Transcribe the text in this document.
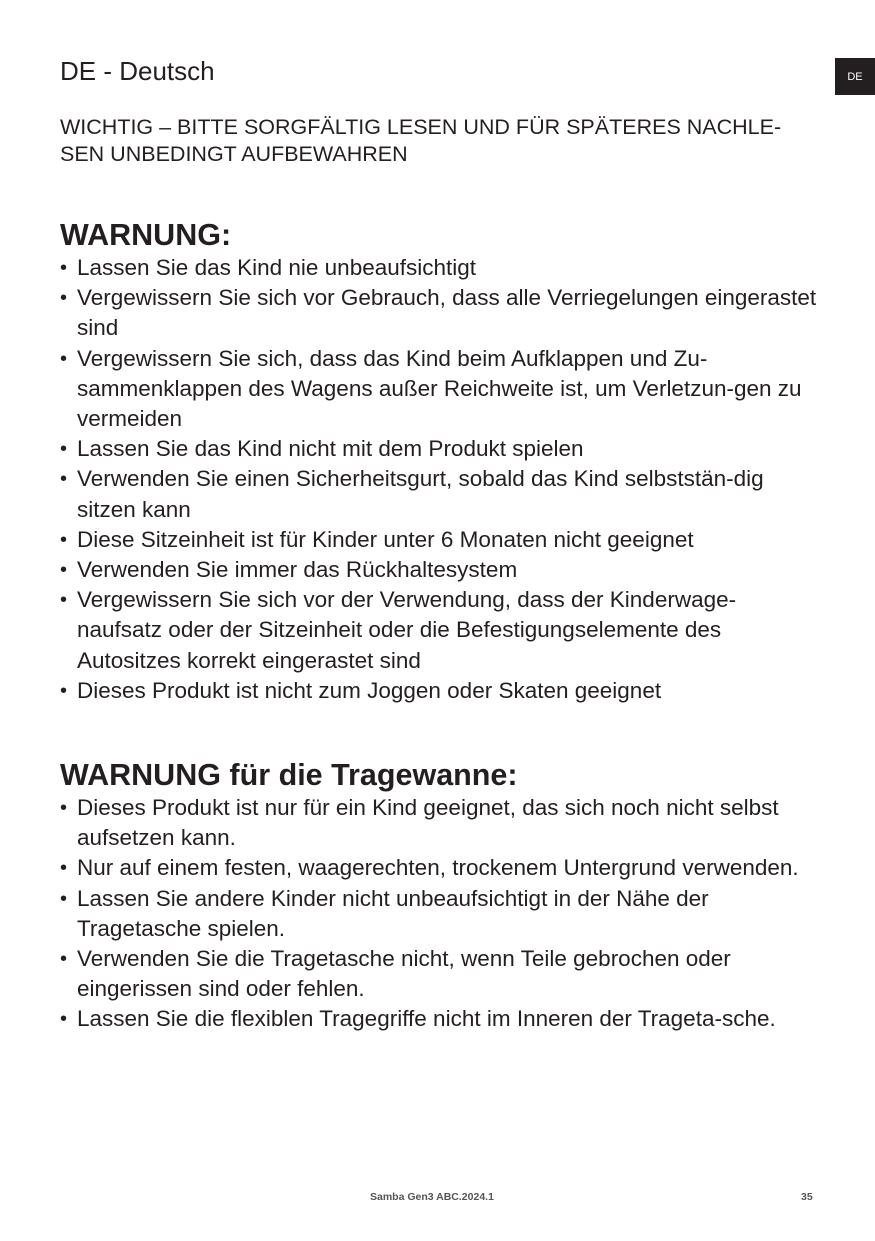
DE
DE - Deutsch
WICHTIG – BITTE SORGFÄLTIG LESEN UND FÜR SPÄTERES NACHLE-SEN UNBEDINGT AUFBEWAHREN
WARNUNG:
• Lassen Sie das Kind nie unbeaufsichtigt
• Vergewissern Sie sich vor Gebrauch, dass alle Verriegelungen eingerastet sind
• Vergewissern Sie sich, dass das Kind beim Aufklappen und Zu-sammenklappen des Wagens außer Reichweite ist, um Verletzun-gen zu vermeiden
• Lassen Sie das Kind nicht mit dem Produkt spielen
• Verwenden Sie einen Sicherheitsgurt, sobald das Kind selbststän-dig sitzen kann
• Diese Sitzeinheit ist für Kinder unter 6 Monaten nicht geeignet
• Verwenden Sie immer das Rückhaltesystem
• Vergewissern Sie sich vor der Verwendung, dass der Kinderwage-naufsatz oder der Sitzeinheit oder die Befestigungselemente des Autositzes korrekt eingerastet sind
• Dieses Produkt ist nicht zum Joggen oder Skaten geeignet
WARNUNG für die Tragewanne:
• Dieses Produkt ist nur für ein Kind geeignet, das sich noch nicht selbst aufsetzen kann.
• Nur auf einem festen, waagerechten, trockenem Untergrund verwenden.
• Lassen Sie andere Kinder nicht unbeaufsichtigt in der Nähe der Tragetasche spielen.
• Verwenden Sie die Tragetasche nicht, wenn Teile gebrochen oder eingerissen sind oder fehlen.
• Lassen Sie die flexiblen Tragegriffe nicht im Inneren der Trageta-sche.
Samba Gen3 ABC.2024.1	35
